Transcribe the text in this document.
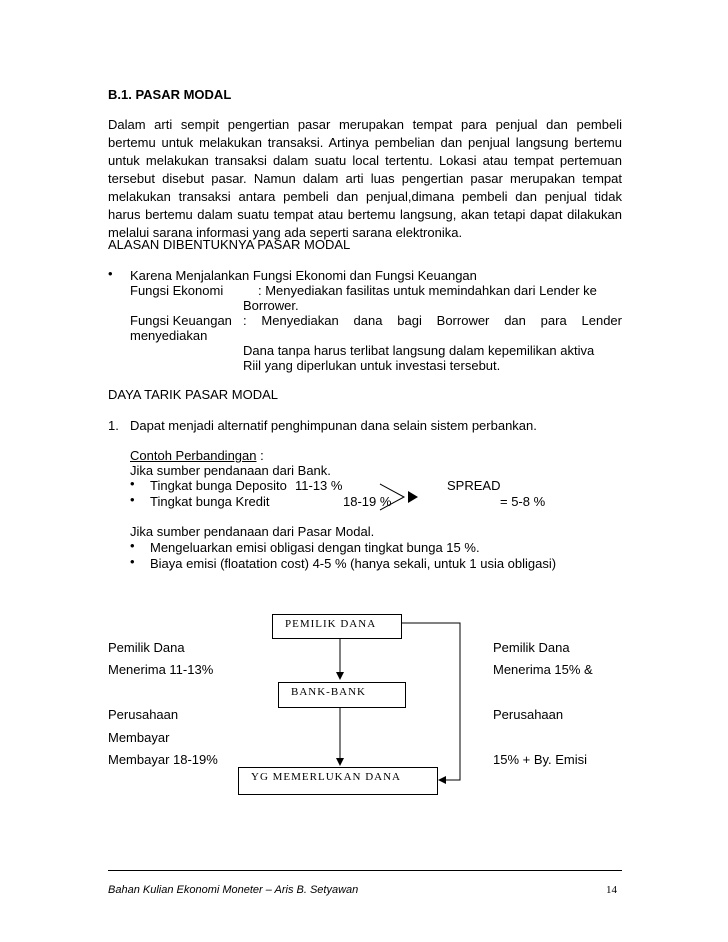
B.1. PASAR MODAL
Dalam arti sempit pengertian pasar merupakan tempat para penjual dan pembeli
bertemu untuk melakukan transaksi. Artinya pembelian dan penjual langsung bertemu
untuk melakukan transaksi dalam suatu local tertentu. Lokasi atau tempat pertemuan
tersebut disebut pasar. Namun dalam arti luas pengertian pasar merupakan tempat
melakukan transaksi antara pembeli dan penjual,dimana pembeli dan penjual tidak
harus bertemu dalam suatu tempat atau bertemu langsung, akan tetapi dapat dilakukan
melalui sarana informasi yang ada seperti sarana elektronika.
ALASAN DIBENTUKNYA PASAR MODAL
• Karena Menjalankan Fungsi Ekonomi dan Fungsi Keuangan
Fungsi Ekonomi	: Menyediakan fasilitas untuk memindahkan dari Lender ke
Borrower.
Fungsi Keuangan : Menyediakan dana bagi Borrower dan para Lender
menyediakan
Dana tanpa harus terlibat langsung dalam kepemilikan aktiva
Riil yang diperlukan untuk investasi tersebut.
DAYA TARIK PASAR MODAL
1. Dapat menjadi alternatif penghimpunan dana selain sistem perbankan.
Contoh Perbandingan :
Jika sumber pendanaan dari Bank.
• Tingkat bunga Deposito 11-13 %	SPREAD
• Tingkat bunga Kredit	18-19 %	= 5-8 %
Jika sumber pendanaan dari Pasar Modal.
• Mengeluarkan emisi obligasi dengan tingkat bunga 15 %.
• Biaya emisi (floatation cost) 4-5 % (hanya sekali, untuk 1 usia obligasi)
PEMILIK DANA
BANK-BANK
YG MEMERLUKAN DANA
Pemilik Dana
Menerima 11-13%
Perusahaan
Membayar
Membayar 18-19%
Pemilik Dana
Menerima 15% &
Perusahaan
15% + By. Emisi
Bahan Kulian Ekonomi Moneter – Aris B. Setyawan	14
